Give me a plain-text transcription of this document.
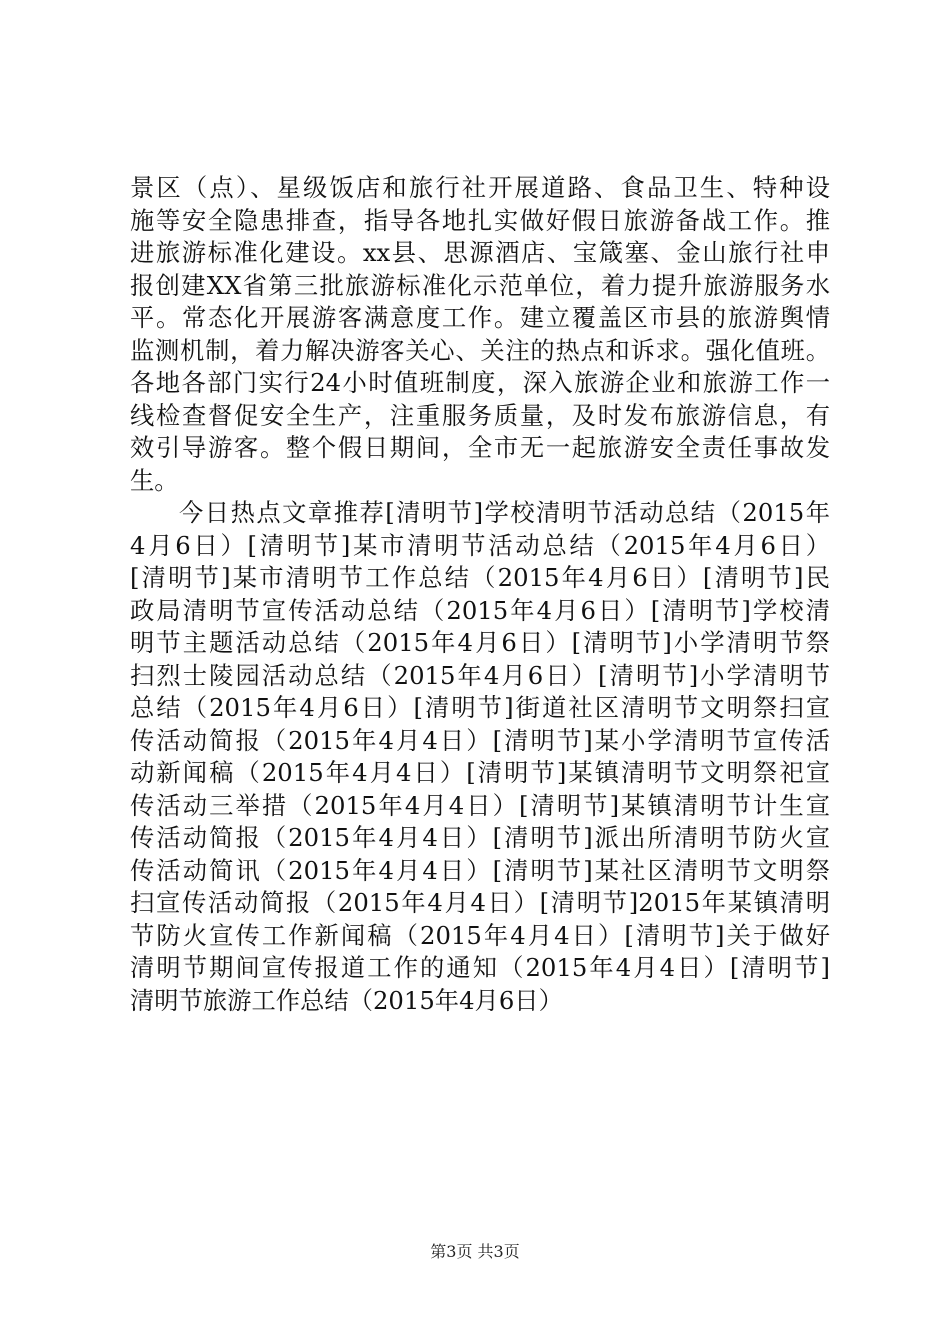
景区（点）、星级饭店和旅行社开展道路、食品卫生、特种设
施等安全隐患排查，指导各地扎实做好假日旅游备战工作。推
进旅游标准化建设。xx县、思源酒店、宝箴塞、金山旅行社申
报创建XX省第三批旅游标准化示范单位，着力提升旅游服务水
平。常态化开展游客满意度工作。建立覆盖区市县的旅游舆情
监测机制，着力解决游客关心、关注的热点和诉求。强化值班。
各地各部门实行24小时值班制度，深入旅游企业和旅游工作一
线检查督促安全生产，注重服务质量，及时发布旅游信息，有
效引导游客。整个假日期间，全市无一起旅游安全责任事故发
生。
今日热点文章推荐[清明节]学校清明节活动总结（2015年
4月6日）[清明节]某市清明节活动总结（2015年4月6日）
[清明节]某市清明节工作总结（2015年4月6日）[清明节]民
政局清明节宣传活动总结（2015年4月6日）[清明节]学校清
明节主题活动总结（2015年4月6日）[清明节]小学清明节祭
扫烈士陵园活动总结（2015年4月6日）[清明节]小学清明节
总结（2015年4月6日）[清明节]街道社区清明节文明祭扫宣
传活动简报（2015年4月4日）[清明节]某小学清明节宣传活
动新闻稿（2015年4月4日）[清明节]某镇清明节文明祭祀宣
传活动三举措（2015年4月4日）[清明节]某镇清明节计生宣
传活动简报（2015年4月4日）[清明节]派出所清明节防火宣
传活动简讯（2015年4月4日）[清明节]某社区清明节文明祭
扫宣传活动简报（2015年4月4日）[清明节]2015年某镇清明
节防火宣传工作新闻稿（2015年4月4日）[清明节]关于做好
清明节期间宣传报道工作的通知（2015年4月4日）[清明节]
清明节旅游工作总结（2015年4月6日）
第3页 共3页
